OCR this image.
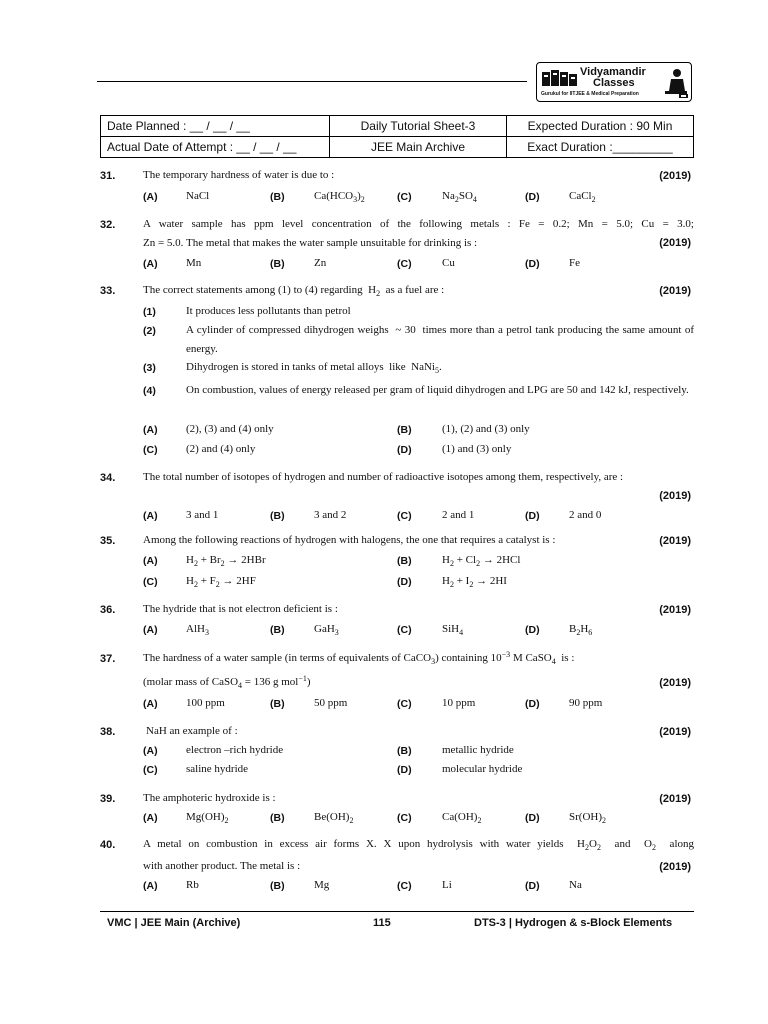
Vidyamandir
Classes
Gurukul for IITJEE & Medical Preparation
Date Planned : __ / __ / __	Daily Tutorial Sheet-3	Expected Duration : 90 Min
Actual Date of Attempt : __ / __ / __	JEE Main Archive	Exact Duration :_________
31.	The temporary hardness of water is due to :	(2019)
(A)	NaCl	(B)	$Ca(HCO_3)_2$	(C)	$Na_2SO_4$	(D)	CaCl$_2$
32.	A water sample has ppm level concentration of the following metals : Fe = 0.2; Mn = 5.0; Cu = 3.0;
Zn = 5.0. The metal that makes the water sample unsuitable for drinking is :	(2019)
(A)	Mn	(B)	Zn	(C)	Cu	(D)	Fe
33.	The correct statements among (1) to (4) regarding  $H_2$  as a fuel are :	(2019)
(1)	It produces less pollutants than petrol
(2)	A cylinder of compressed dihydrogen weighs  ~ 30  times more than a petrol tank producing the same amount of energy.
(3)	Dihydrogen is stored in tanks of metal alloys  like  NaNi$_5$.
(4)	On combustion, values of energy released per gram of liquid dihydrogen and LPG are 50 and 142 kJ, respectively.
(A)	(2), (3) and (4) only	(B)	(1), (2) and (3) only
(C)	(2) and (4) only	(D)	(1) and (3) only
34.	The total number of isotopes of hydrogen and number of radioactive isotopes among them, respectively, are :
(2019)
(A)	3 and 1	(B)	3 and 2	(C)	2 and 1	(D)	2 and 0
35.	Among the following reactions of hydrogen with halogens, the one that requires a catalyst is :	(2019)
(A)	$H_2 + Br_2 \to 2HBr$	(B)	$H_2 + Cl_2 \to 2HCl$
(C)	$H_2 + F_2 \to 2HF$	(D)	$H_2 + I_2 \to 2HI$
36.	The hydride that is not electron deficient is :	(2019)
(A)	AlH$_3$	(B)	GaH$_3$	(C)	SiH$_4$	(D)	$B_2H_6$
37.	The hardness of a water sample (in terms of equivalents of CaCO$_3$) containing $10^{-3}$ M CaSO$_4$  is :
(molar mass of CaSO$_4$ = 136 g mol$^{-1}$)	(2019)
(A)	100 ppm	(B)	50 ppm	(C)	10 ppm	(D)	90 ppm
38.	NaH an example of :	(2019)
(A)	electron –rich hydride	(B)	metallic hydride
(C)	saline hydride	(D)	molecular hydride
39.	The amphoteric hydroxide is :	(2019)
(A)	$Mg(OH)_2$	(B)	$Be(OH)_2$	(C)	$Ca(OH)_2$	(D)	$Sr(OH)_2$
40.	A metal on combustion in excess air forms X. X upon hydrolysis with water yields  $H_2O_2$  and  $O_2$  along
with another product. The metal is :	(2019)
(A)	Rb	(B)	Mg	(C)	Li	(D)	Na
VMC | JEE Main (Archive)	115	DTS-3 | Hydrogen & s-Block Elements
